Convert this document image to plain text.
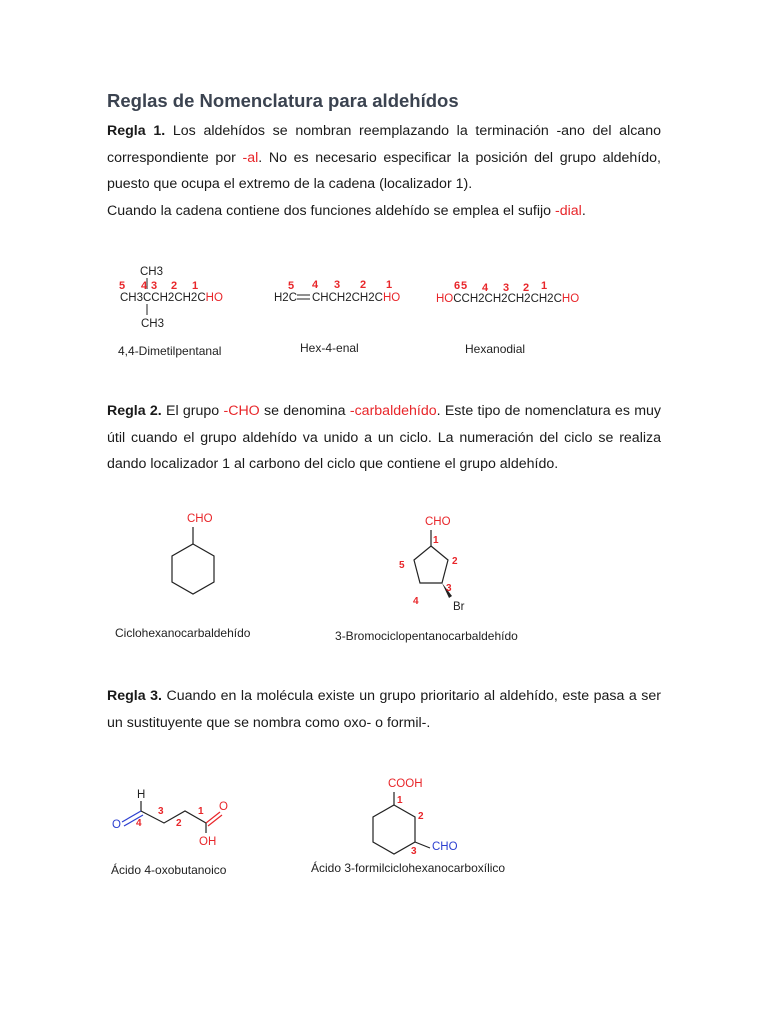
Reglas de Nomenclatura para aldehídos
Regla 1. Los aldehídos se nombran reemplazando la terminación -ano del alcano correspondiente por -al. No es necesario especificar la posición del grupo aldehído, puesto que ocupa el extremo de la cadena (localizador 1).
Cuando la cadena contiene dos funciones aldehído se emplea el sufijo -dial.
CH3
5 4 3 2 1
CH3CCH2CH2CHO
CH3
5 4 3 2 1
H2C CHCH2CH2CHO
6 5 4 3 2 1
HOCCH2CH2CH2CH2CHO
4,4-Dimetilpentanal	Hex-4-enal	Hexanodial
Regla 2. El grupo -CHO se denomina -carbaldehído. Este tipo de nomenclatura es muy útil cuando el grupo aldehído va unido a un ciclo. La numeración del ciclo se realiza dando localizador 1 al carbono del ciclo que contiene el grupo aldehído.
CHO	CHO
Br
1
2
3
4
5
Ciclohexanocarbaldehído	3-Bromociclopentanocarbaldehído
Regla 3. Cuando en la molécula existe un grupo prioritario al aldehído, este pasa a ser un sustituyente que se nombra como oxo- o formil-.
H
O
O
OH
4
3
2
1
COOH
CHO
1
2
3
Ácido 4-oxobutanoico	Ácido 3-formilciclohexanocarboxílico
